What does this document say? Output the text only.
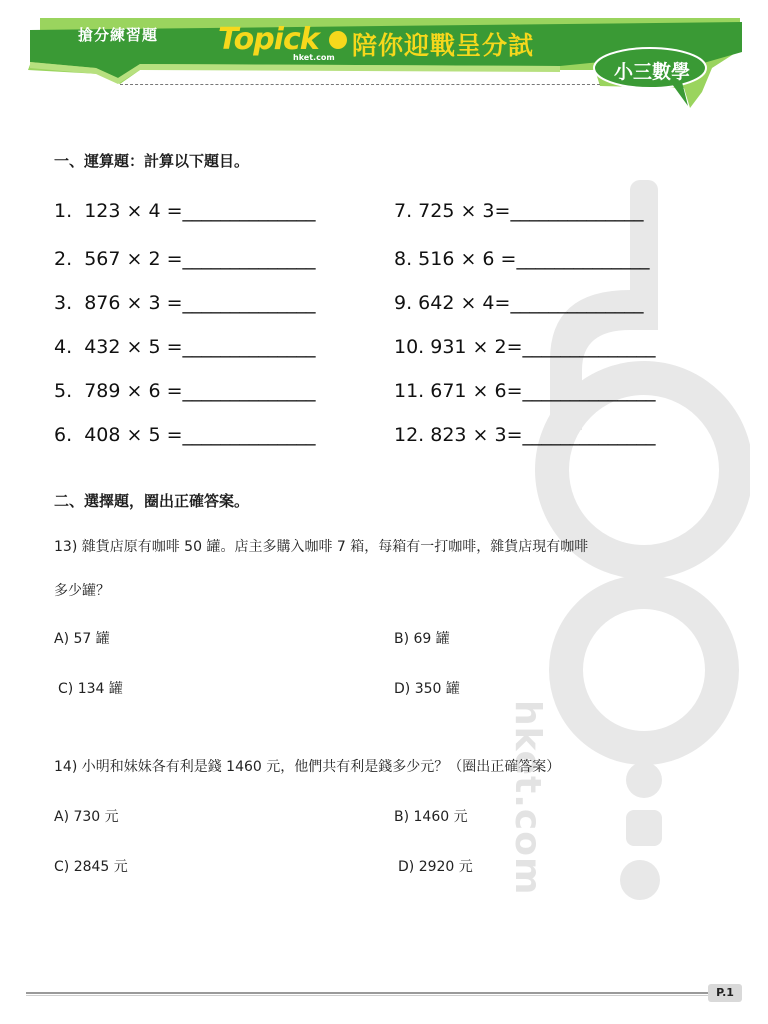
搶分練習題 Topick
hket.com 陪你迎戰呈分試
小三數學
hket.com
一、運算題：計算以下題目。
1.  123 × 4 =______________
2.  567 × 2 =______________
3.  876 × 3 =______________
4.  432 × 5 =______________
5.  789 × 6 =______________
6.  408 × 5 =______________
7. 725 × 3=______________
8. 516 × 6 =______________
9. 642 × 4=______________
10. 931 × 2=______________
11. 671 × 6=______________
12. 823 × 3=______________
二、選擇題，圈出正確答案。
13) 雜貨店原有咖啡 50 罐。店主多購入咖啡 7 箱，每箱有一打咖啡，雜貨店現有咖啡
多少罐？
A) 57 罐	B) 69 罐
C) 134 罐	D) 350 罐
14) 小明和妹妹各有利是錢 1460 元，他們共有利是錢多少元？（圈出正確答案）
A) 730 元	B) 1460 元
C) 2845 元	D) 2920 元
P.1
